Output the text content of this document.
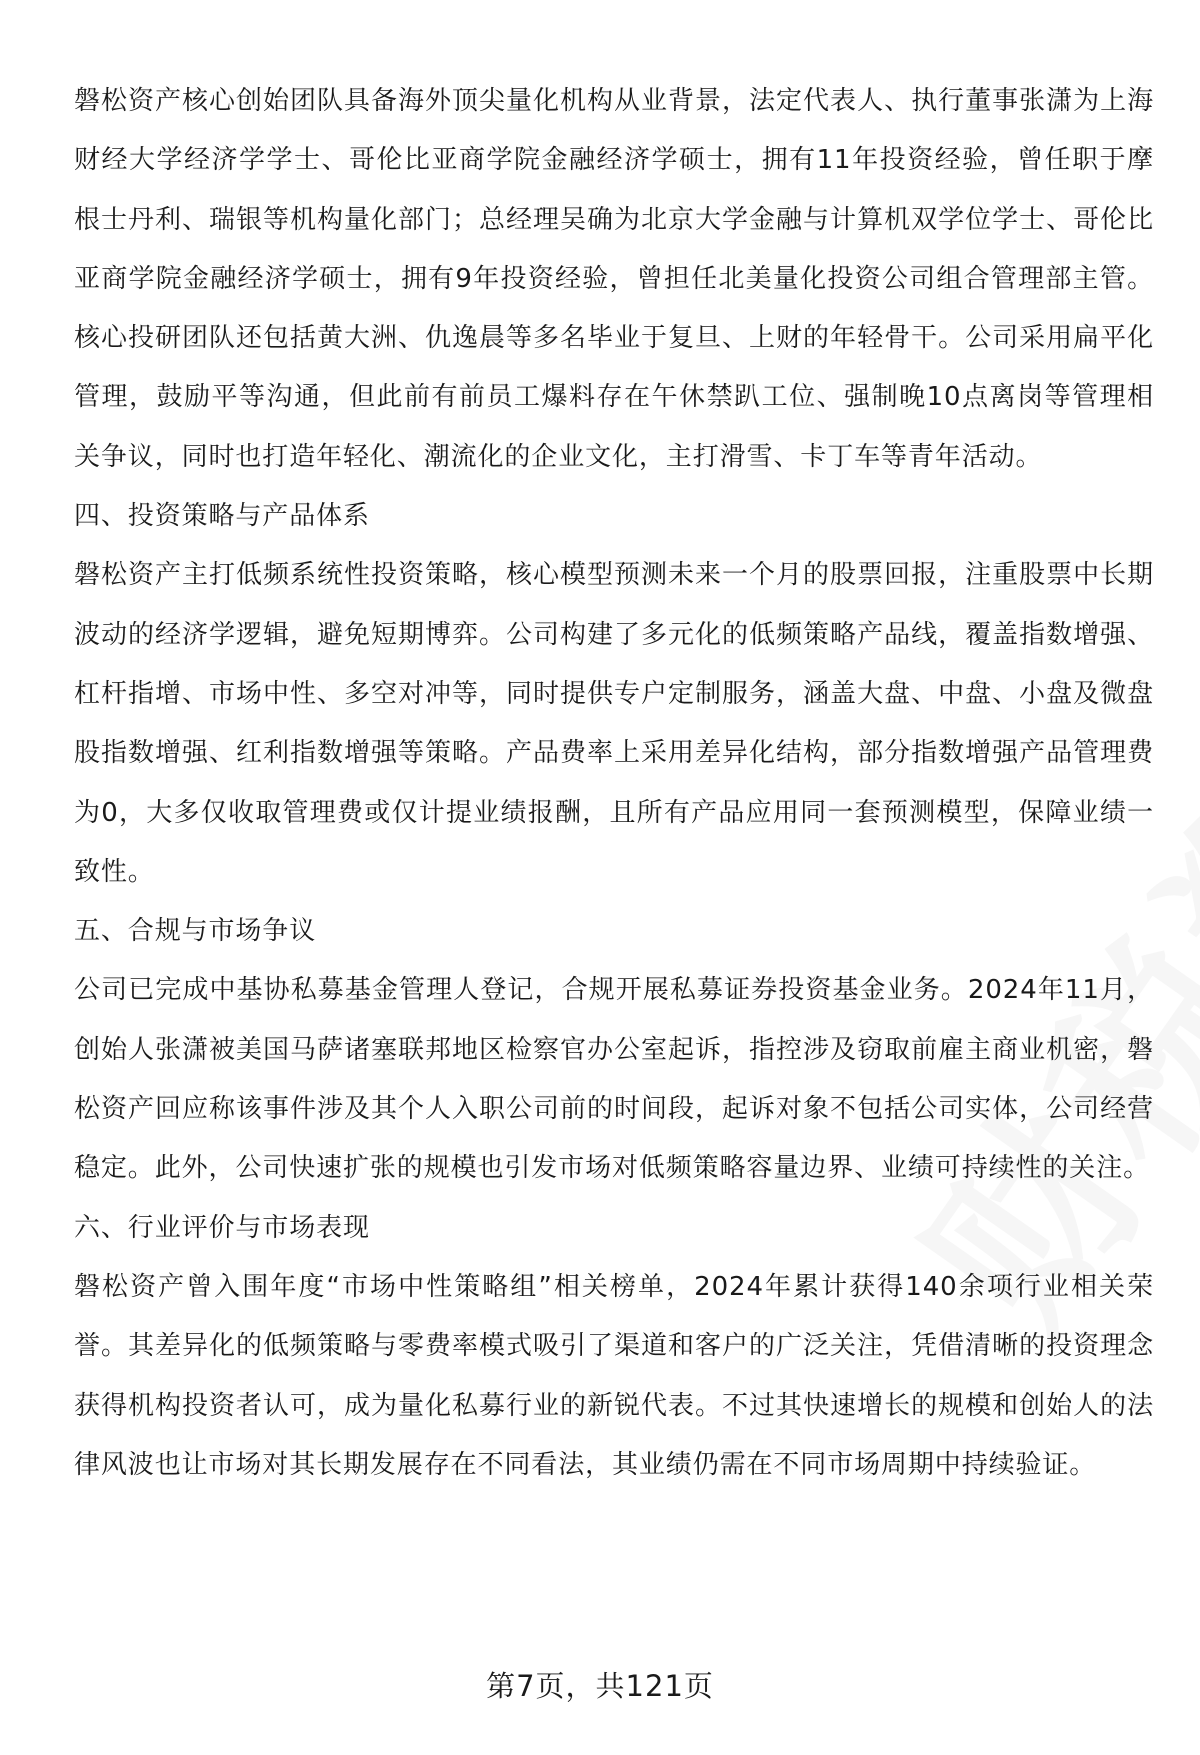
磐松资产核心创始团队具备海外顶尖量化机构从业背景，法定代表人、执行董事张潇为上海财经大学经济学学士、哥伦比亚商学院金融经济学硕士，拥有11年投资经验，曾任职于摩根士丹利、瑞银等机构量化部门；总经理吴确为北京大学金融与计算机双学位学士、哥伦比亚商学院金融经济学硕士，拥有9年投资经验，曾担任北美量化投资公司组合管理部主管。核心投研团队还包括黄大洲、仇逸晨等多名毕业于复旦、上财的年轻骨干。公司采用扁平化管理，鼓励平等沟通，但此前有前员工爆料存在午休禁趴工位、强制晚10点离岗等管理相关争议，同时也打造年轻化、潮流化的企业文化，主打滑雪、卡丁车等青年活动。

四、投资策略与产品体系

磐松资产主打低频系统性投资策略，核心模型预测未来一个月的股票回报，注重股票中长期波动的经济学逻辑，避免短期博弈。公司构建了多元化的低频策略产品线，覆盖指数增强、杠杆指增、市场中性、多空对冲等，同时提供专户定制服务，涵盖大盘、中盘、小盘及微盘股指数增强、红利指数增强等策略。产品费率上采用差异化结构，部分指数增强产品管理费为0，大多仅收取管理费或仅计提业绩报酬，且所有产品应用同一套预测模型，保障业绩一致性。

五、合规与市场争议

公司已完成中基协私募基金管理人登记，合规开展私募证券投资基金业务。2024年11月，创始人张潇被美国马萨诸塞联邦地区检察官办公室起诉，指控涉及窃取前雇主商业机密，磐松资产回应称该事件涉及其个人入职公司前的时间段，起诉对象不包括公司实体，公司经营稳定。此外，公司快速扩张的规模也引发市场对低频策略容量边界、业绩可持续性的关注。

六、行业评价与市场表现

磐松资产曾入围年度“市场中性策略组”相关榜单，2024年累计获得140余项行业相关荣誉。其差异化的低频策略与零费率模式吸引了渠道和客户的广泛关注，凭借清晰的投资理念获得机构投资者认可，成为量化私募行业的新锐代表。不过其快速增长的规模和创始人的法律风波也让市场对其长期发展存在不同看法，其业绩仍需在不同市场周期中持续验证。

第7页，共121页
